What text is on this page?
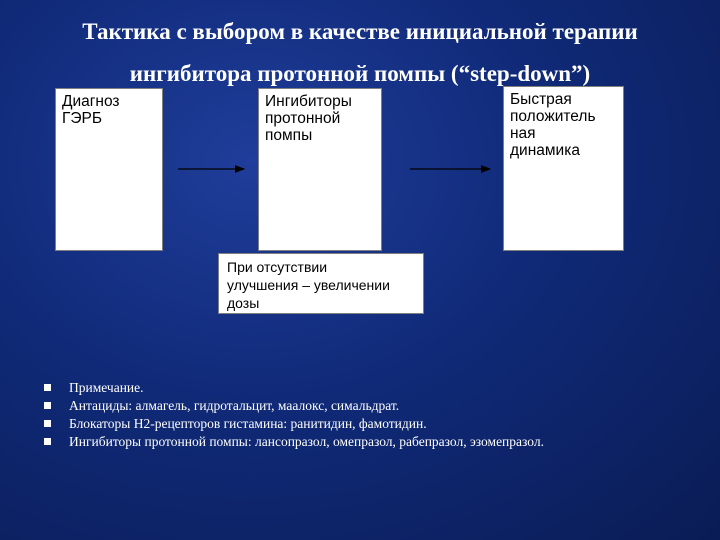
Тактика с выбором в качестве инициальной терапии
ингибитора протонной помпы (“step-down”)
Диагноз
ГЭРБ
Ингибиторы
протонной
помпы
Быстрая
положитель
ная
динамика
При отсутствии
улучшения – увеличении
дозы
Примечание.
Антациды: алмагель, гидротальцит, маалокс, симальдрат.
Блокаторы H2-рецепторов гистамина: ранитидин, фамотидин.
Ингибиторы протонной помпы: лансопразол, омепразол, рабепразол, эзомепразол.
